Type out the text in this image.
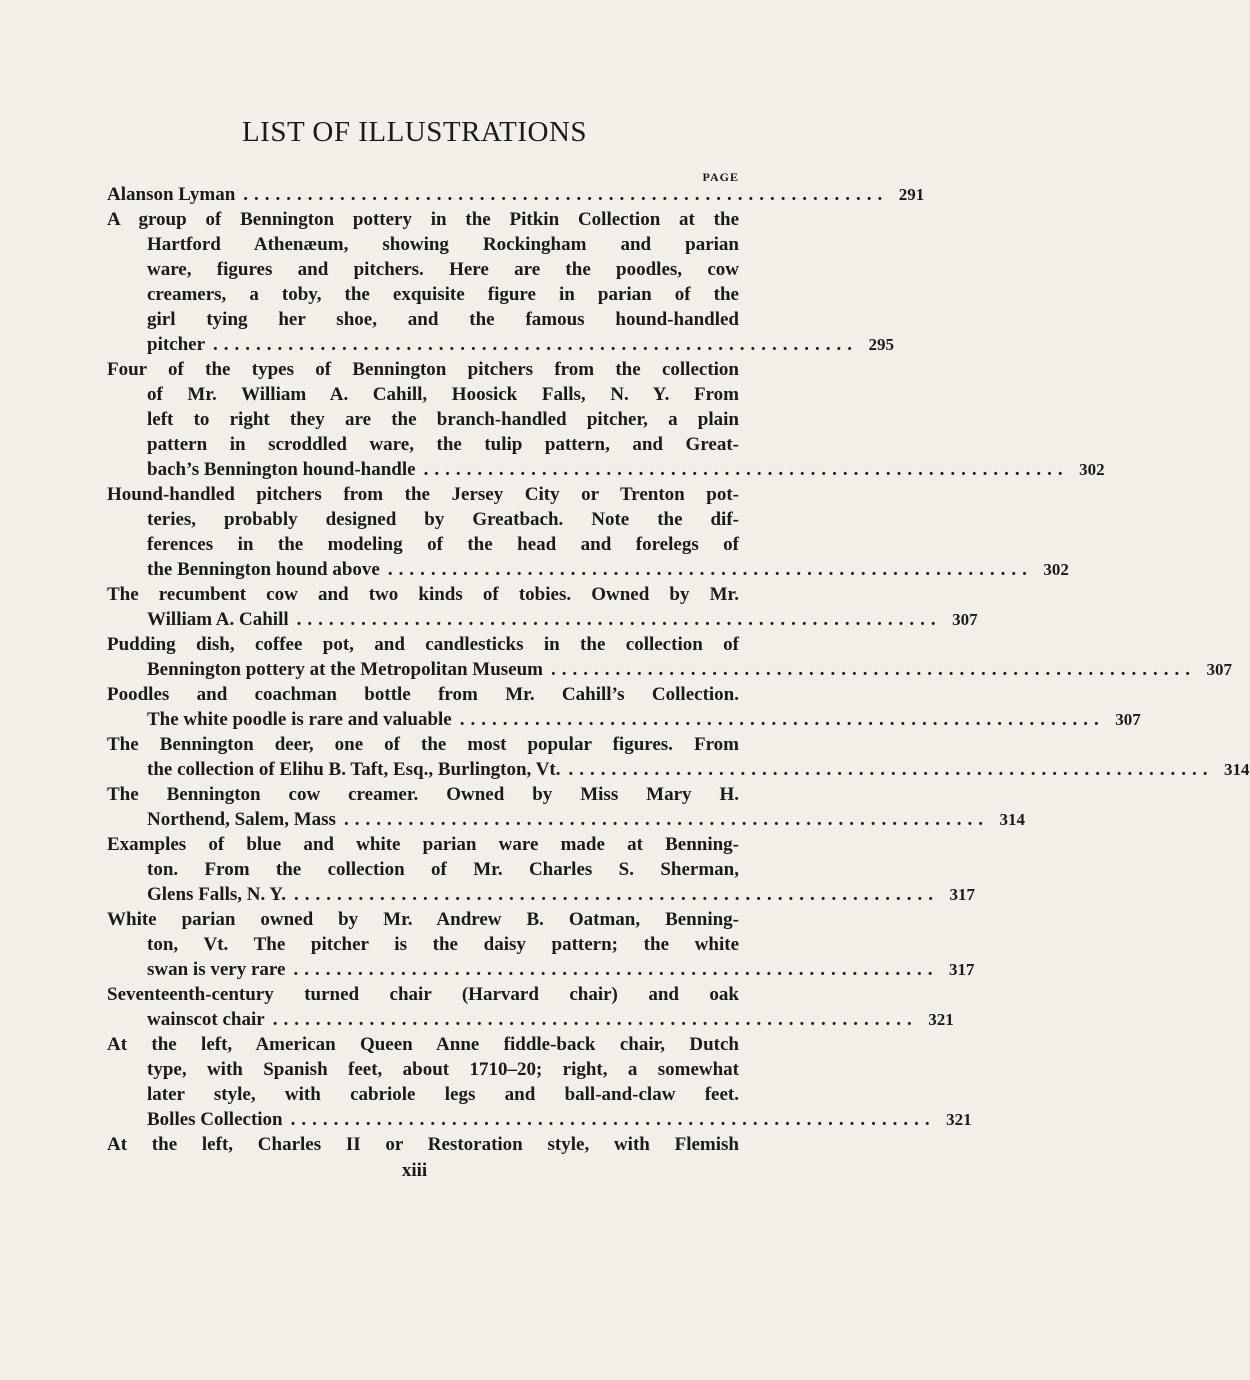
LIST OF ILLUSTRATIONS
PAGE
Alanson Lyman ............................................................ 291
A group of Bennington pottery in the Pitkin Collection at the
Hartford Athenæum, showing Rockingham and parian
ware, figures and pitchers. Here are the poodles, cow
creamers, a toby, the exquisite figure in parian of the
girl tying her shoe, and the famous hound-handled
pitcher ............................................................ 295
Four of the types of Bennington pitchers from the collection
of Mr. William A. Cahill, Hoosick Falls, N. Y. From
left to right they are the branch-handled pitcher, a plain
pattern in scroddled ware, the tulip pattern, and Great-
bach’s Bennington hound-handle ............................................................ 302
Hound-handled pitchers from the Jersey City or Trenton pot-
teries, probably designed by Greatbach. Note the dif-
ferences in the modeling of the head and forelegs of
the Bennington hound above ............................................................ 302
The recumbent cow and two kinds of tobies. Owned by Mr.
William A. Cahill ............................................................ 307
Pudding dish, coffee pot, and candlesticks in the collection of
Bennington pottery at the Metropolitan Museum ............................................................ 307
Poodles and coachman bottle from Mr. Cahill’s Collection.
The white poodle is rare and valuable ............................................................ 307
The Bennington deer, one of the most popular figures. From
the collection of Elihu B. Taft, Esq., Burlington, Vt. ............................................................ 314
The Bennington cow creamer. Owned by Miss Mary H.
Northend, Salem, Mass ............................................................ 314
Examples of blue and white parian ware made at Benning-
ton. From the collection of Mr. Charles S. Sherman,
Glens Falls, N. Y. ............................................................ 317
White parian owned by Mr. Andrew B. Oatman, Benning-
ton, Vt. The pitcher is the daisy pattern; the white
swan is very rare ............................................................ 317
Seventeenth-century turned chair (Harvard chair) and oak
wainscot chair ............................................................ 321
At the left, American Queen Anne fiddle-back chair, Dutch
type, with Spanish feet, about 1710–20; right, a somewhat
later style, with cabriole legs and ball-and-claw feet.
Bolles Collection ............................................................ 321
At the left, Charles II or Restoration style, with Flemish
xiii
